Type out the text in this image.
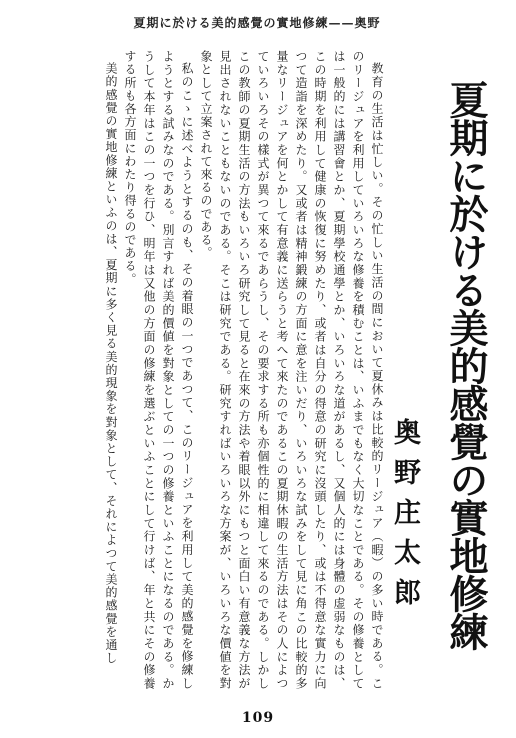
夏期に於ける美的感覺の實地修練——奥野
夏期に於ける美的感覺の實地修練
奥野庄太郎

教育の生活は忙しい。その忙しい生活の間において夏休みは比較的リージュア（暇）の多い時である。このリージュアを利用していろいろな修養を積むことは、いふまでもなく大切なことである。その修養としては一般的には講習會とか、夏期學校通學とか、いろいろな道があるし、又個人的には身體の虚弱なものは、この時期を利用して健康の恢復に努めたり、或者は自分の得意の研究に沒頭したり、或は不得意な實力に向つて造詣を深めたり。又或者は精神鍛練の方面に意を注いだり、いろいろな試みをして見に角この比較的多量なリージュアを何とかして有意義に送らうと考へて來たのであるこの夏期休暇の生活方法はその人によつていろいろその樣式が異つて來るであらうし、その要求する所も亦個性的に相違して來るのである。しかしこの教師の夏期生活の方法もいろいろ研究して見ると在來の方法や着眼以外にもつと面白い有意義な方法が見出されないこともないのである。そこは研究である。研究すればいろいろな方案が、いろいろな價値を對象として立案されて來るのである。

私のこゝに述べようとするのも、その着眼の一つであつて、このリージュアを利用して美的感覺を修練しようとする試みなのである。別言すれば美的價値を對象としての一つの修養といふことになるのである。かうして本年はこの一つを行ひ、明年は又他の方面の修練を選ぶといふことにして行けば、年と共にその修養する所も各方面にわたり得るのである。

美的感覺の實地修練といふのは、夏期に多く見る美的現象を對象として、それによつて美的感覺を通し

109
